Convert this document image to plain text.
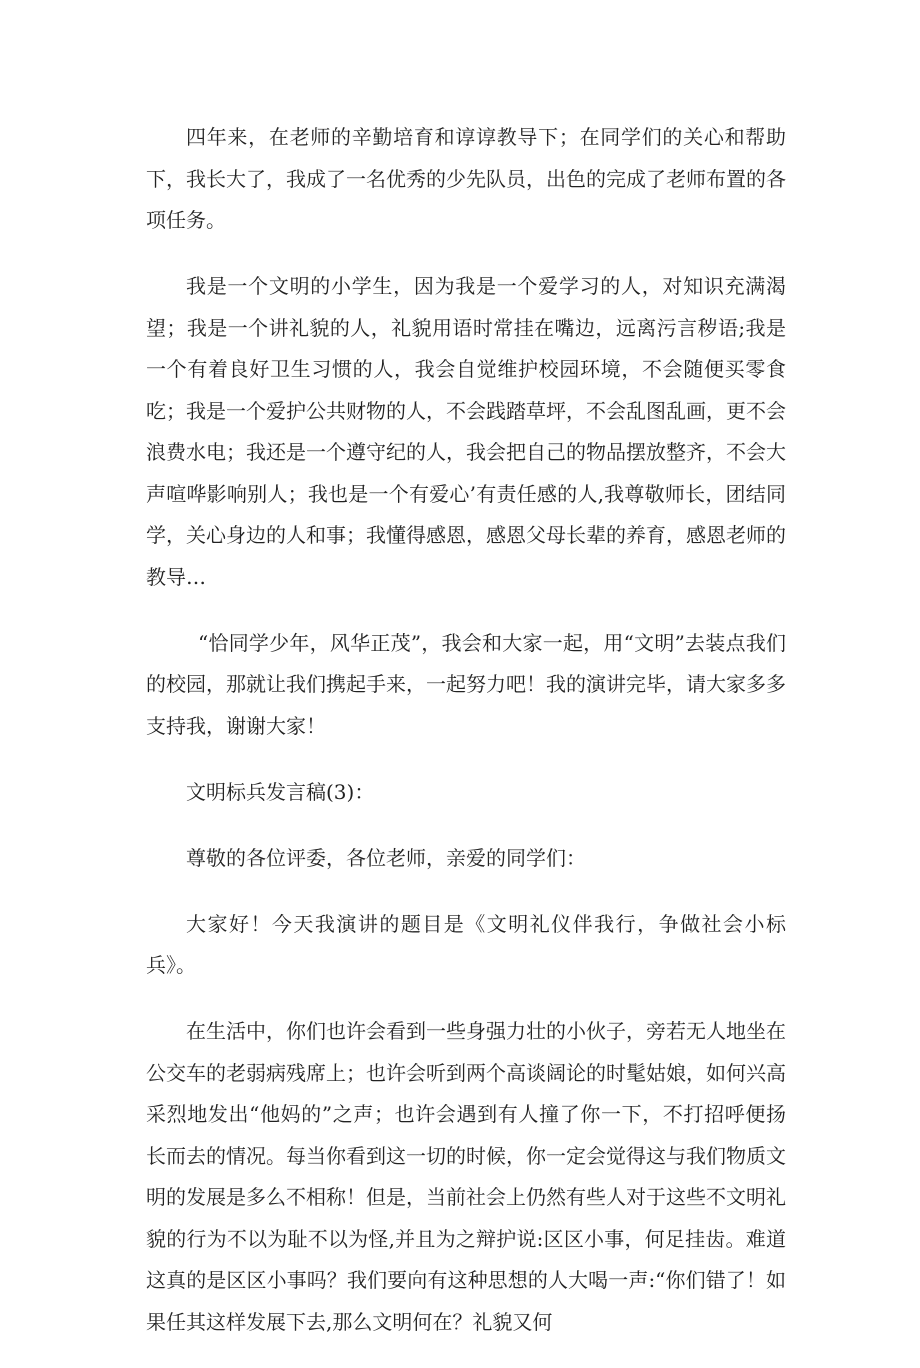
四年来，在老师的辛勤培育和谆谆教导下；在同学们的关心和帮助下，我长大了，我成了一名优秀的少先队员，出色的完成了老师布置的各项任务。

我是一个文明的小学生，因为我是一个爱学习的人，对知识充满渴望；我是一个讲礼貌的人，礼貌用语时常挂在嘴边，远离污言秽语;我是一个有着良好卫生习惯的人，我会自觉维护校园环境，不会随便买零食吃；我是一个爱护公共财物的人，不会践踏草坪，不会乱图乱画，更不会浪费水电；我还是一个遵守纪的人，我会把自己的物品摆放整齐，不会大声喧哗影响别人；我也是一个有爱心’有责任感的人,我尊敬师长，团结同学，关心身边的人和事；我懂得感恩，感恩父母长辈的养育，感恩老师的教导…

“恰同学少年，风华正茂”，我会和大家一起，用“文明”去装点我们的校园，那就让我们携起手来，一起努力吧！我的演讲完毕，请大家多多支持我，谢谢大家！

文明标兵发言稿(3)：

尊敬的各位评委，各位老师，亲爱的同学们：

大家好！今天我演讲的题目是《文明礼仪伴我行，争做社会小标兵》。

在生活中，你们也许会看到一些身强力壮的小伙子，旁若无人地坐在公交车的老弱病残席上；也许会听到两个高谈阔论的时髦姑娘，如何兴高采烈地发出“他妈的”之声；也许会遇到有人撞了你一下，不打招呼便扬长而去的情况。每当你看到这一切的时候，你一定会觉得这与我们物质文明的发展是多么不相称！但是，当前社会上仍然有些人对于这些不文明礼貌的行为不以为耻不以为怪,并且为之辩护说:区区小事，何足挂齿。难道这真的是区区小事吗？我们要向有这种思想的人大喝一声:“你们错了！如果任其这样发展下去,那么文明何在？礼貌又何
